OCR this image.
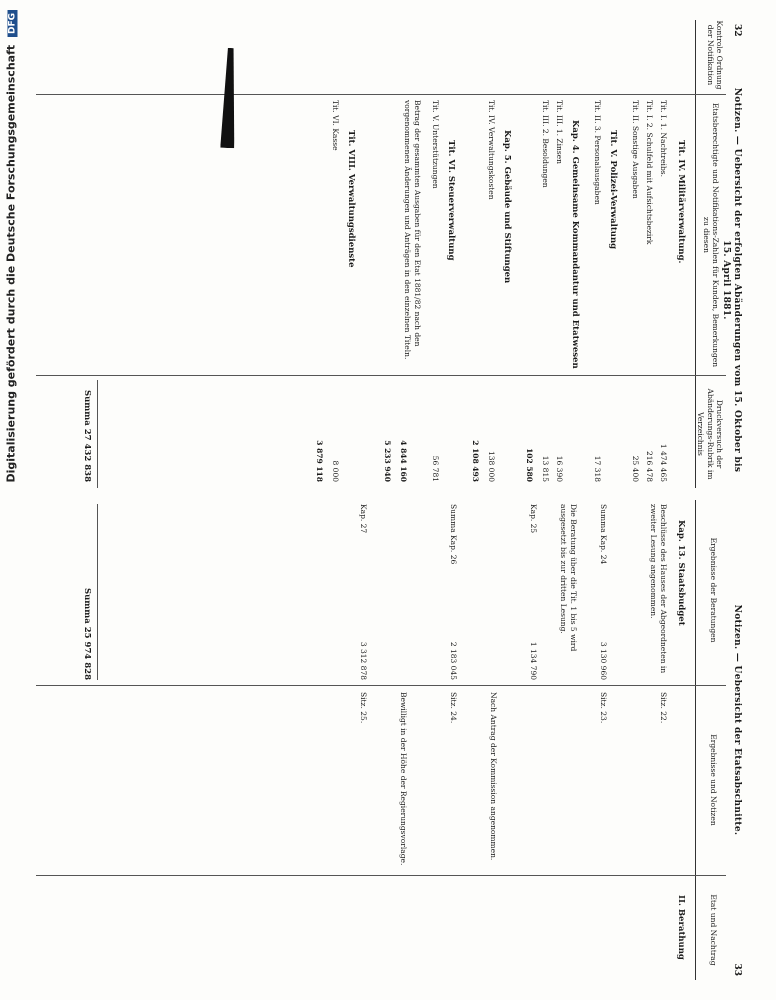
Digitalisierung gefördert durch die Deutsche Forschungsgemeinschaft DFG	32
Notizen. — Uebersicht der erfolgten Abänderungen vom 15. Oktober bis 15. April 1881.
Kontrole Ordnung der Notifikation
Etatsberechtigte und Notifikations-Zahlen für Kunden, Bemerkungen zu diesen
Druckversuch der Abänderungs-Rubrik im Verzeichnis
Tit. IV. Militärverwaltung.
Tit. I. 1. Nachtreibs.
1 474 465
Tit. I. 2. Schulfeld mit Aufsichtsbezirk
216 478
Tit. II. Sonstige Ausgaben
25 400
Tit. V. Polizei-Verwaltung
Tit. II. 3. Personalausgaben
17 318
Kap. 4. Gemeinsame Kommandantur und Etatwesen
Tit. III. 1. Zinsen
16 390
Tit. III. 2. Besoldungen
13 815
102 580
Kap. 5. Gebäude und Stiftungen
Tit. IV. Verwaltungskosten
138 000
2 108 493
Tit. VI. Steuerverwaltung
Tit. V. Unterstützungen
56 781
Betrag der gesammten Ausgaben für den Etat 1881/82 nach den vorgenommenen Änderungen und Anträgen in den einzelnen Titeln.
4 844 160
5 233 940
Tit. VIII. Verwaltungsdienste
Tit. VI. Kasse
8 000
3 879 118
Summa 27 432 838
Notizen. — Uebersicht der Etatsabschnitte.
33
Ergebnisse der Beratungen
Ergebnisse und Notizen
Etat und Nachtrag
Kap. 13. Staatsbudget
Beschlüsse des Hauses der Abgeordneten in zweiter Lesung angenommen.
Sitz. 22.
II. Berathung
Summa Kap. 24
3 130 960
Sitz. 23.
Die Beratung über die Tit. 1 bis 5 wird ausgesetzt bis zur dritten Lesung.
Kap. 25
1 134 790
Nach Antrag der Kommission angenommen.
Summa Kap. 26
2 183 045
Sitz. 24.
Bewilligt in der Höhe der Regierungsvorlage.
Kap. 27
3 312 878
Sitz. 25.
Summa 25 974 828
